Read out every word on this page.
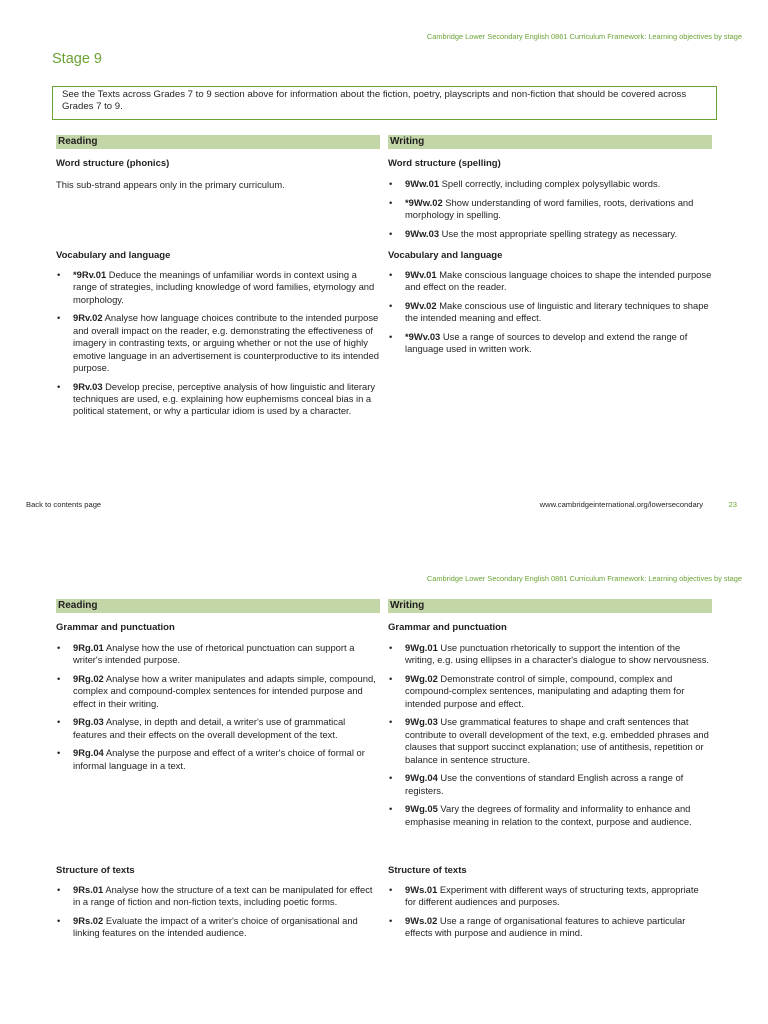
Cambridge Lower Secondary English 0861 Curriculum Framework: Learning objectives by stage
Stage 9
See the Texts across Grades 7 to 9 section above for information about the fiction, poetry, playscripts and non-fiction that should be covered across Grades 7 to 9.
Reading
Word structure (phonics)
This sub-strand appears only in the primary curriculum.
Vocabulary and language
• *9Rv.01 Deduce the meanings of unfamiliar words in context using a range of strategies, including knowledge of word families, etymology and morphology.
• 9Rv.02 Analyse how language choices contribute to the intended purpose and overall impact on the reader, e.g. demonstrating the effectiveness of imagery in contrasting texts, or arguing whether or not the use of highly emotive language in an advertisement is counterproductive to its intended purpose.
• 9Rv.03 Develop precise, perceptive analysis of how linguistic and literary techniques are used, e.g. explaining how euphemisms conceal bias in a political statement, or why a particular idiom is used by a character.
Writing
Word structure (spelling)
• 9Ww.01 Spell correctly, including complex polysyllabic words.
• *9Ww.02 Show understanding of word families, roots, derivations and morphology in spelling.
• 9Ww.03 Use the most appropriate spelling strategy as necessary.
Vocabulary and language
• 9Wv.01 Make conscious language choices to shape the intended purpose and effect on the reader.
• 9Wv.02 Make conscious use of linguistic and literary techniques to shape the intended meaning and effect.
• *9Wv.03 Use a range of sources to develop and extend the range of language used in written work.
Back to contents page	www.cambridgeinternational.org/lowersecondary	23
Cambridge Lower Secondary English 0861 Curriculum Framework: Learning objectives by stage
Reading
Grammar and punctuation
• 9Rg.01 Analyse how the use of rhetorical punctuation can support a writer's intended purpose.
• 9Rg.02 Analyse how a writer manipulates and adapts simple, compound, complex and compound-complex sentences for intended purpose and effect in their writing.
• 9Rg.03 Analyse, in depth and detail, a writer's use of grammatical features and their effects on the overall development of the text.
• 9Rg.04 Analyse the purpose and effect of a writer's choice of formal or informal language in a text.
Structure of texts
• 9Rs.01 Analyse how the structure of a text can be manipulated for effect in a range of fiction and non-fiction texts, including poetic forms.
• 9Rs.02 Evaluate the impact of a writer's choice of organisational and linking features on the intended audience.
Writing
Grammar and punctuation
• 9Wg.01 Use punctuation rhetorically to support the intention of the writing, e.g. using ellipses in a character's dialogue to show nervousness.
• 9Wg.02 Demonstrate control of simple, compound, complex and compound-complex sentences, manipulating and adapting them for intended purpose and effect.
• 9Wg.03 Use grammatical features to shape and craft sentences that contribute to overall development of the text, e.g. embedded phrases and clauses that support succinct explanation; use of antithesis, repetition or balance in sentence structure.
• 9Wg.04 Use the conventions of standard English across a range of registers.
• 9Wg.05 Vary the degrees of formality and informality to enhance and emphasise meaning in relation to the context, purpose and audience.
Structure of texts
• 9Ws.01 Experiment with different ways of structuring texts, appropriate for different audiences and purposes.
• 9Ws.02 Use a range of organisational features to achieve particular effects with purpose and audience in mind.
